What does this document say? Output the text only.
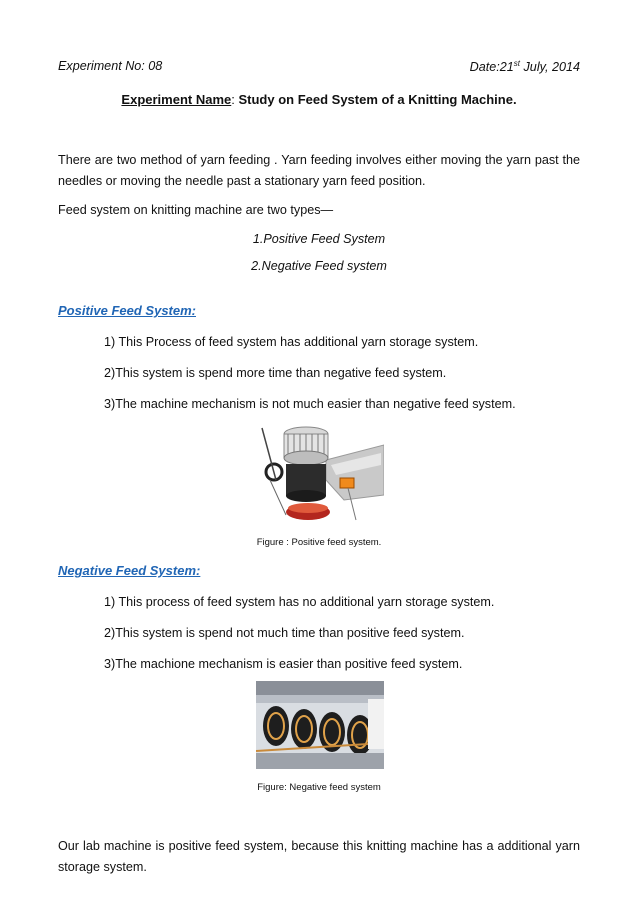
Experiment No: 08	Date:21st July, 2014
Experiment Name: Study on Feed System of a Knitting Machine.
There are two method of yarn feeding . Yarn feeding involves either moving the yarn past the needles or moving the needle past a stationary yarn feed position.
Feed system on knitting machine are two types—
1.Positive Feed System
2.Negative Feed system
Positive Feed System:
1) This Process of feed system has additional yarn storage system.
2)This system is spend more time than negative feed system.
3)The machine mechanism is not much easier than negative feed system.
Figure : Positive feed system.
Negative Feed System:
1) This process of feed system has no additional yarn storage system.
2)This system is spend not much time than positive feed system.
3)The machione mechanism is easier than positive feed system.
Figure: Negative feed system
Our lab machine is positive feed system, because this knitting machine has a additional yarn storage system.
